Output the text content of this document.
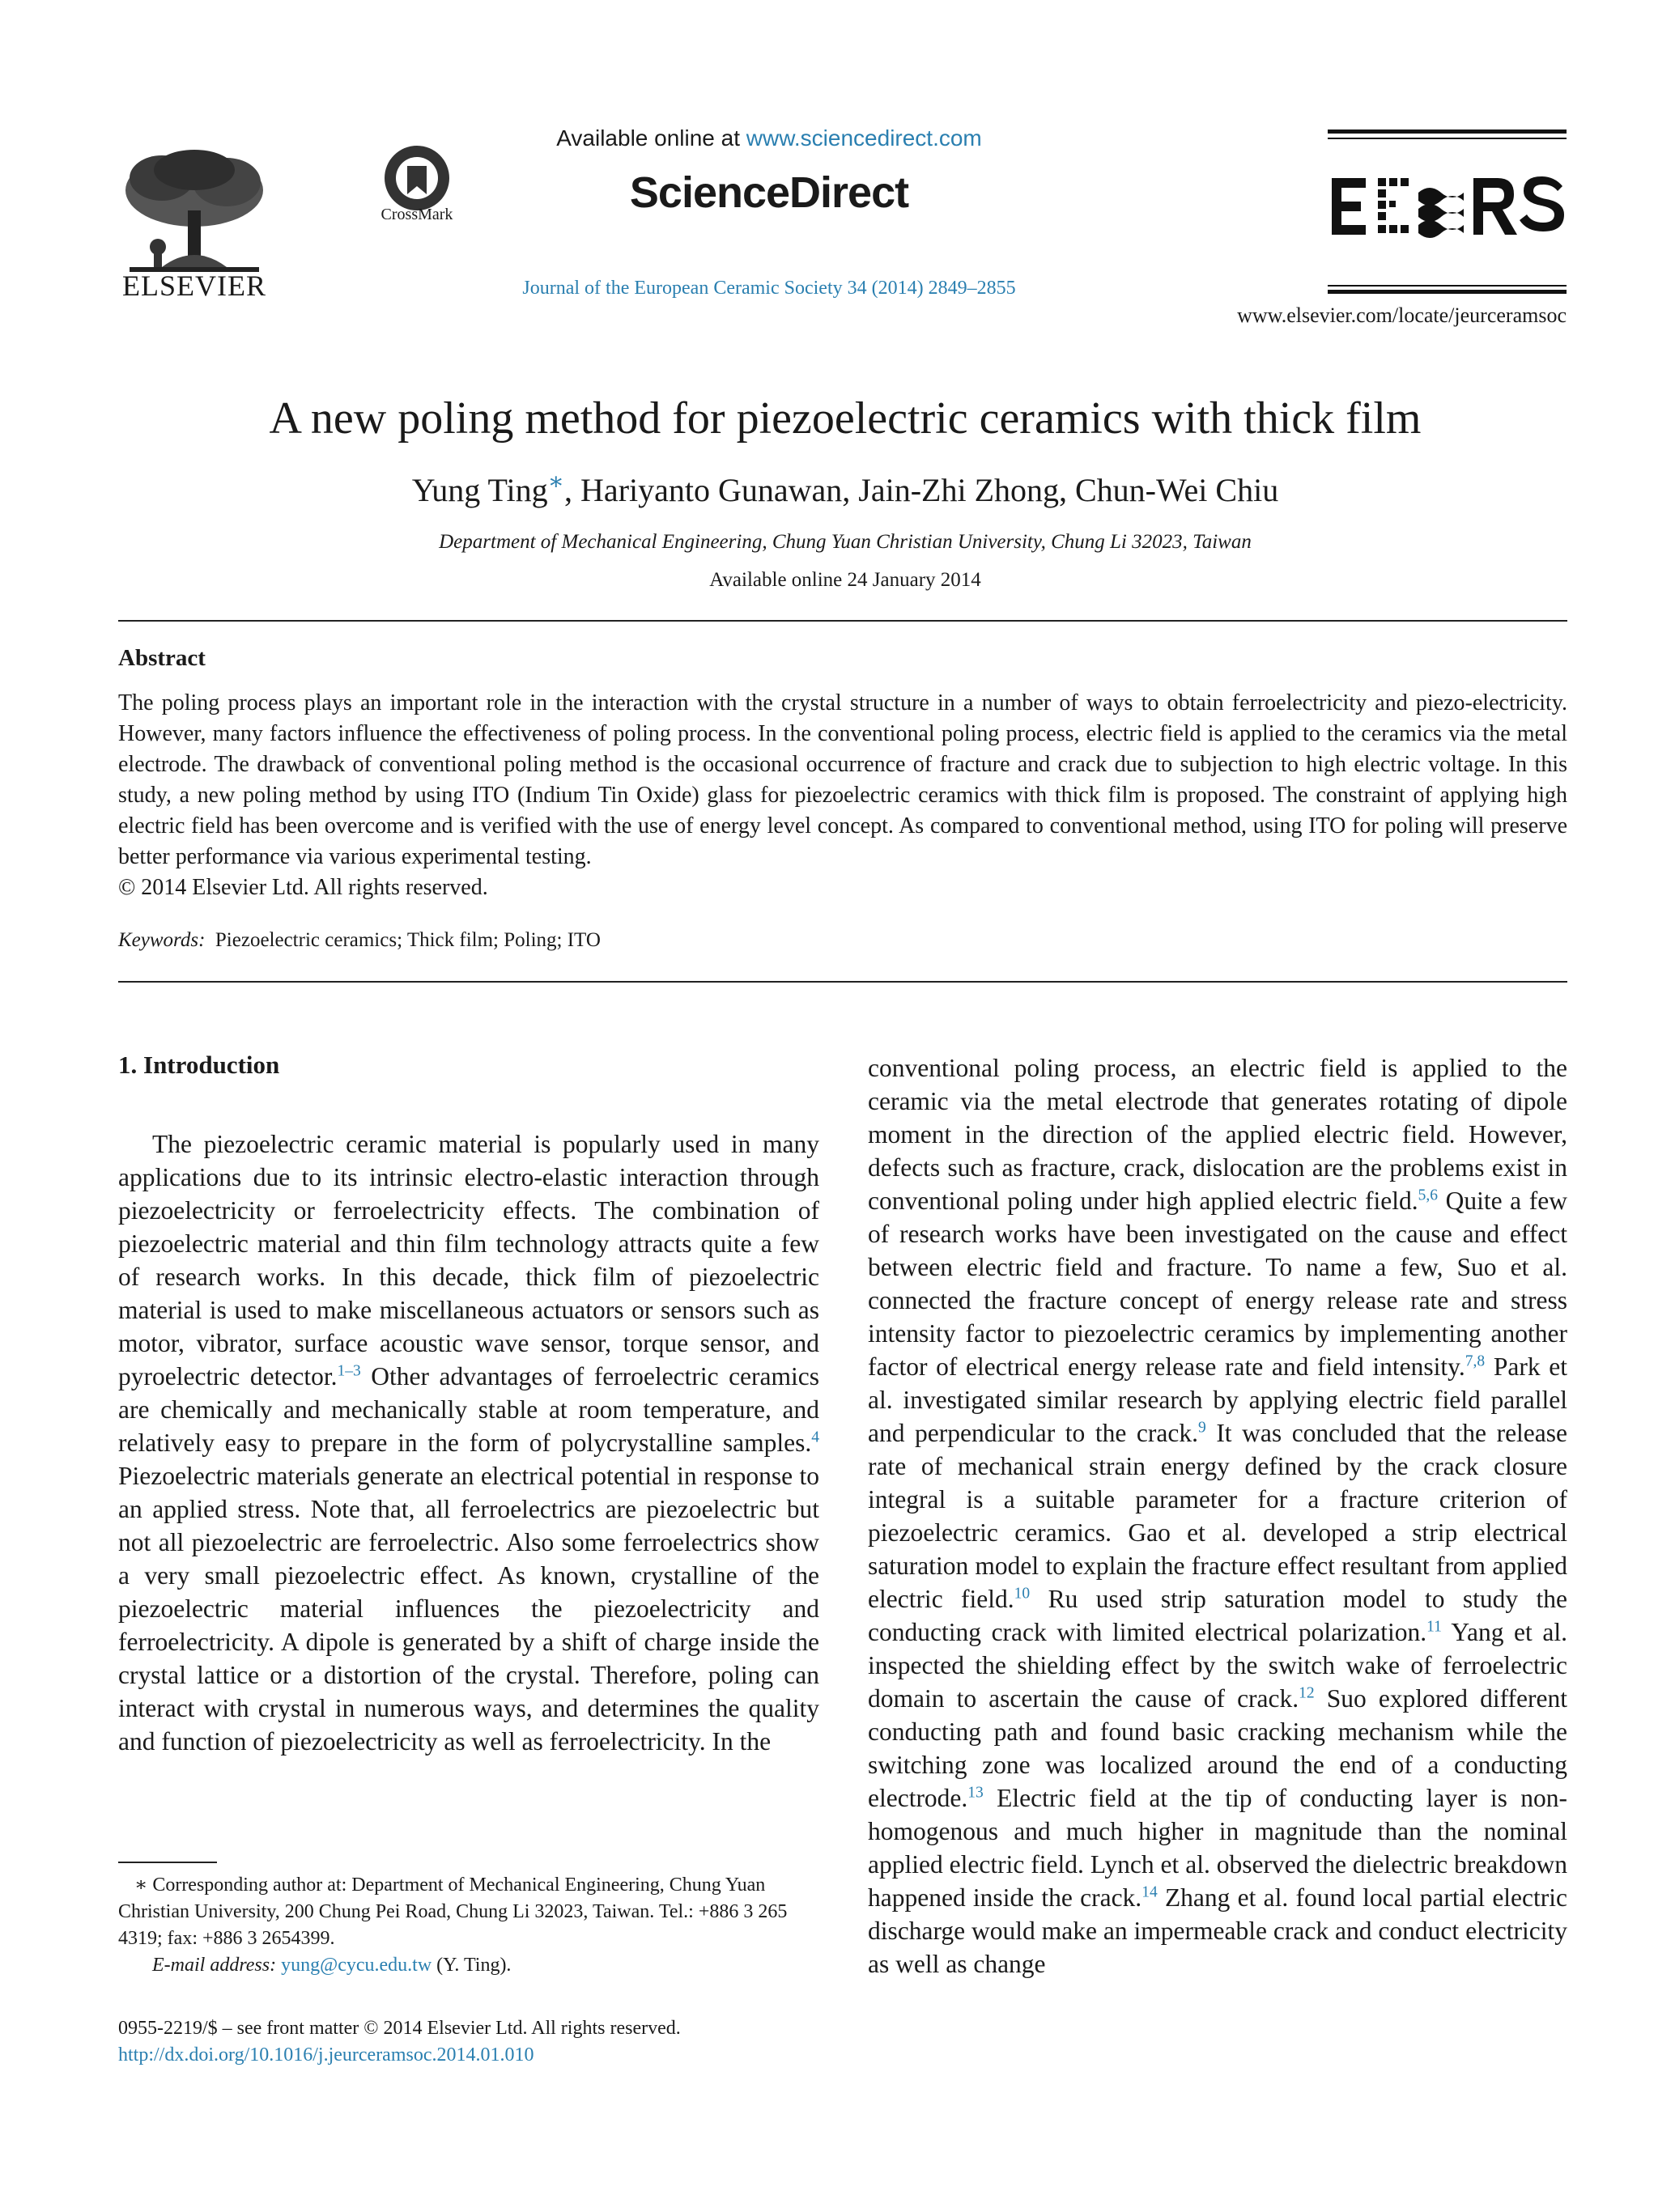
ELSEVIER
CrossMark
Available online at www.sciencedirect.com
ScienceDirect
Journal of the European Ceramic Society 34 (2014) 2849–2855
www.elsevier.com/locate/jeurceramsoc
A new poling method for piezoelectric ceramics with thick film
Yung Ting∗, Hariyanto Gunawan, Jain-Zhi Zhong, Chun-Wei Chiu
Department of Mechanical Engineering, Chung Yuan Christian University, Chung Li 32023, Taiwan
Available online 24 January 2014
Abstract
The poling process plays an important role in the interaction with the crystal structure in a number of ways to obtain ferroelectricity and piezo-electricity. However, many factors influence the effectiveness of poling process. In the conventional poling process, electric field is applied to the ceramics via the metal electrode. The drawback of conventional poling method is the occasional occurrence of fracture and crack due to subjection to high electric voltage. In this study, a new poling method by using ITO (Indium Tin Oxide) glass for piezoelectric ceramics with thick film is proposed. The constraint of applying high electric field has been overcome and is verified with the use of energy level concept. As compared to conventional method, using ITO for poling will preserve better performance via various experimental testing.
© 2014 Elsevier Ltd. All rights reserved.
Keywords: Piezoelectric ceramics; Thick film; Poling; ITO
1. Introduction

The piezoelectric ceramic material is popularly used in many applications due to its intrinsic electro-elastic interaction through piezoelectricity or ferroelectricity effects. The combination of piezoelectric material and thin film technology attracts quite a few of research works. In this decade, thick film of piezoelectric material is used to make miscellaneous actuators or sensors such as motor, vibrator, surface acoustic wave sensor, torque sensor, and pyroelectric detector.$^{1-3}$ Other advantages of ferroelectric ceramics are chemically and mechanically stable at room temperature, and relatively easy to prepare in the form of polycrystalline samples.$^4$ Piezoelectric materials generate an electrical potential in response to an applied stress. Note that, all ferroelectrics are piezoelectric but not all piezoelectric are ferroelectric. Also some ferroelectrics show a very small piezoelectric effect. As known, crystalline of the piezoelectric material influences the piezoelectricity and ferroelectricity. A dipole is generated by a shift of charge inside the crystal lattice or a distortion of the crystal. Therefore, poling can interact with crystal in numerous ways, and determines the quality and function of piezoelectricity as well as ferroelectricity. In the

conventional poling process, an electric field is applied to the ceramic via the metal electrode that generates rotating of dipole moment in the direction of the applied electric field. However, defects such as fracture, crack, dislocation are the problems exist in conventional poling under high applied electric field.$^{5,6}$ Quite a few of research works have been investigated on the cause and effect between electric field and fracture. To name a few, Suo et al. connected the fracture concept of energy release rate and stress intensity factor to piezoelectric ceramics by implementing another factor of electrical energy release rate and field intensity.$^{7,8}$ Park et al. investigated similar research by applying electric field parallel and perpendicular to the crack.$^9$ It was concluded that the release rate of mechanical strain energy defined by the crack closure integral is a suitable parameter for a fracture criterion of piezoelectric ceramics. Gao et al. developed a strip electrical saturation model to explain the fracture effect resultant from applied electric field.$^{10}$ Ru used strip saturation model to study the conducting crack with limited electrical polarization.$^{11}$ Yang et al. inspected the shielding effect by the switch wake of ferroelectric domain to ascertain the cause of crack.$^{12}$ Suo explored different conducting path and found basic cracking mechanism while the switching zone was localized around the end of a conducting electrode.$^{13}$ Electric field at the tip of conducting layer is non-homogenous and much higher in magnitude than the nominal applied electric field. Lynch et al. observed the dielectric breakdown happened inside the crack.$^{14}$ Zhang et al. found local partial electric discharge would make an impermeable crack and conduct electricity as well as change

∗ Corresponding author at: Department of Mechanical Engineering, Chung Yuan Christian University, 200 Chung Pei Road, Chung Li 32023, Taiwan. Tel.: +886 3 265 4319; fax: +886 3 2654399.
E-mail address: yung@cycu.edu.tw (Y. Ting).
0955-2219/$ – see front matter © 2014 Elsevier Ltd. All rights reserved.
http://dx.doi.org/10.1016/j.jeurceramsoc.2014.01.010
